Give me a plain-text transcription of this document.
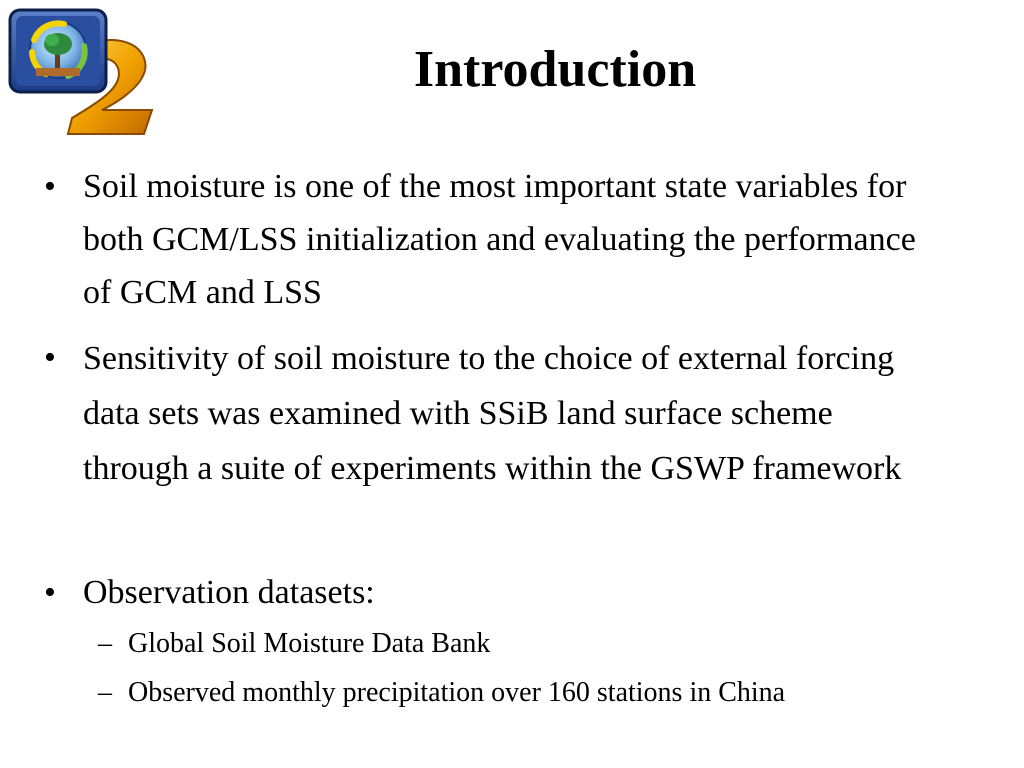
Introduction
• Soil moisture is one of the most important state variables for both GCM/LSS initialization and evaluating the performance of GCM and LSS

• Sensitivity of soil moisture to the choice of external forcing data sets was examined with SSiB land surface scheme through a suite of experiments within the GSWP framework

• Observation datasets:

– Global Soil Moisture Data Bank
– Observed monthly precipitation over 160 stations in China
